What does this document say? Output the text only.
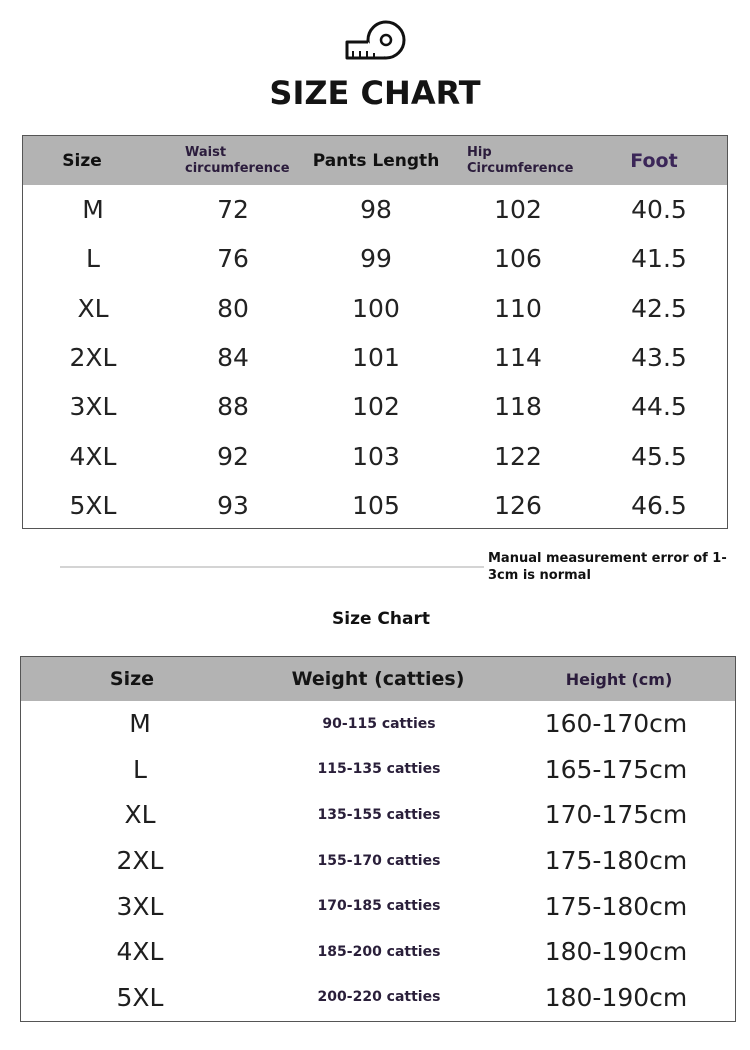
SIZE CHART
Size	Waist circumference	Pants Length	Hip Circumference	Foot
M	72	98	102	40.5
L	76	99	106	41.5
XL	80	100	110	42.5
2XL	84	101	114	43.5
3XL	88	102	118	44.5
4XL	92	103	122	45.5
5XL	93	105	126	46.5
Manual measurement error of 1-3cm is normal
Size Chart
Size	Weight (catties)	Height (cm)
M	90-115 catties	160-170cm
L	115-135 catties	165-175cm
XL	135-155 catties	170-175cm
2XL	155-170 catties	175-180cm
3XL	170-185 catties	175-180cm
4XL	185-200 catties	180-190cm
5XL	200-220 catties	180-190cm
